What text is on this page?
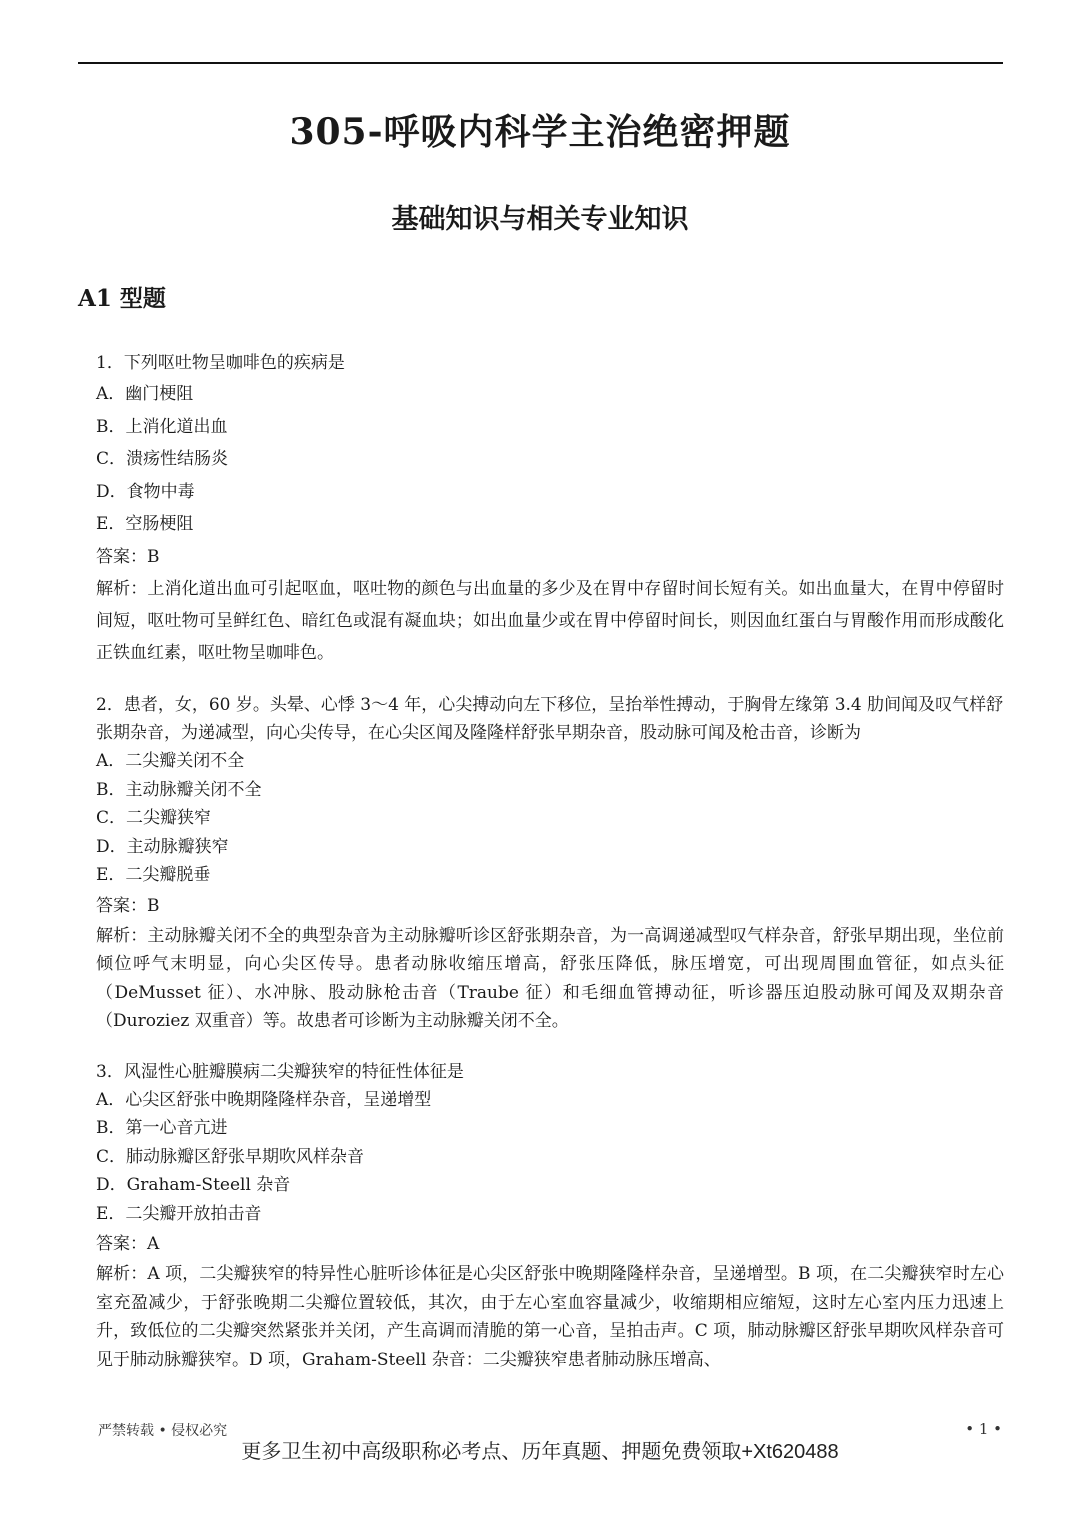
305-呼吸内科学主治绝密押题
基础知识与相关专业知识
A1 型题

1．下列呕吐物呈咖啡色的疾病是

A．幽门梗阻

B．上消化道出血

C．溃疡性结肠炎

D．食物中毒

E．空肠梗阻

答案：B

解析：上消化道出血可引起呕血，呕吐物的颜色与出血量的多少及在胃中存留时间长短有关。如出血量大，在胃中停留时间短，呕吐物可呈鲜红色、暗红色或混有凝血块；如出血量少或在胃中停留时间长，则因血红蛋白与胃酸作用而形成酸化正铁血红素，呕吐物呈咖啡色。

2．患者，女，60 岁。头晕、心悸 3～4 年，心尖搏动向左下移位，呈抬举性搏动，于胸骨左缘第 3.4 肋间闻及叹气样舒张期杂音，为递减型，向心尖传导，在心尖区闻及隆隆样舒张早期杂音，股动脉可闻及枪击音，诊断为

A．二尖瓣关闭不全

B．主动脉瓣关闭不全

C．二尖瓣狭窄

D．主动脉瓣狭窄

E．二尖瓣脱垂

答案：B

解析：主动脉瓣关闭不全的典型杂音为主动脉瓣听诊区舒张期杂音，为一高调递减型叹气样杂音，舒张早期出现，坐位前倾位呼气末明显，向心尖区传导。患者动脉收缩压增高，舒张压降低，脉压增宽，可出现周围血管征，如点头征（DeMusset 征）、水冲脉、股动脉枪击音（Traube 征）和毛细血管搏动征，听诊器压迫股动脉可闻及双期杂音（Duroziez 双重音）等。故患者可诊断为主动脉瓣关闭不全。

3．风湿性心脏瓣膜病二尖瓣狭窄的特征性体征是

A．心尖区舒张中晚期隆隆样杂音，呈递增型

B．第一心音亢进

C．肺动脉瓣区舒张早期吹风样杂音

D．Graham-Steell 杂音

E．二尖瓣开放拍击音

答案：A

解析：A 项，二尖瓣狭窄的特异性心脏听诊体征是心尖区舒张中晚期隆隆样杂音，呈递增型。B 项，在二尖瓣狭窄时左心室充盈减少，于舒张晚期二尖瓣位置较低，其次，由于左心室血容量减少，收缩期相应缩短，这时左心室内压力迅速上升，致低位的二尖瓣突然紧张并关闭，产生高调而清脆的第一心音，呈拍击声。C 项，肺动脉瓣区舒张早期吹风样杂音可见于肺动脉瓣狭窄。D 项，Graham-Steell 杂音：二尖瓣狭窄患者肺动脉压增高、

严禁转载 • 侵权必究	• 1 •
更多卫生初中高级职称必考点、历年真题、押题免费领取+Xt620488
